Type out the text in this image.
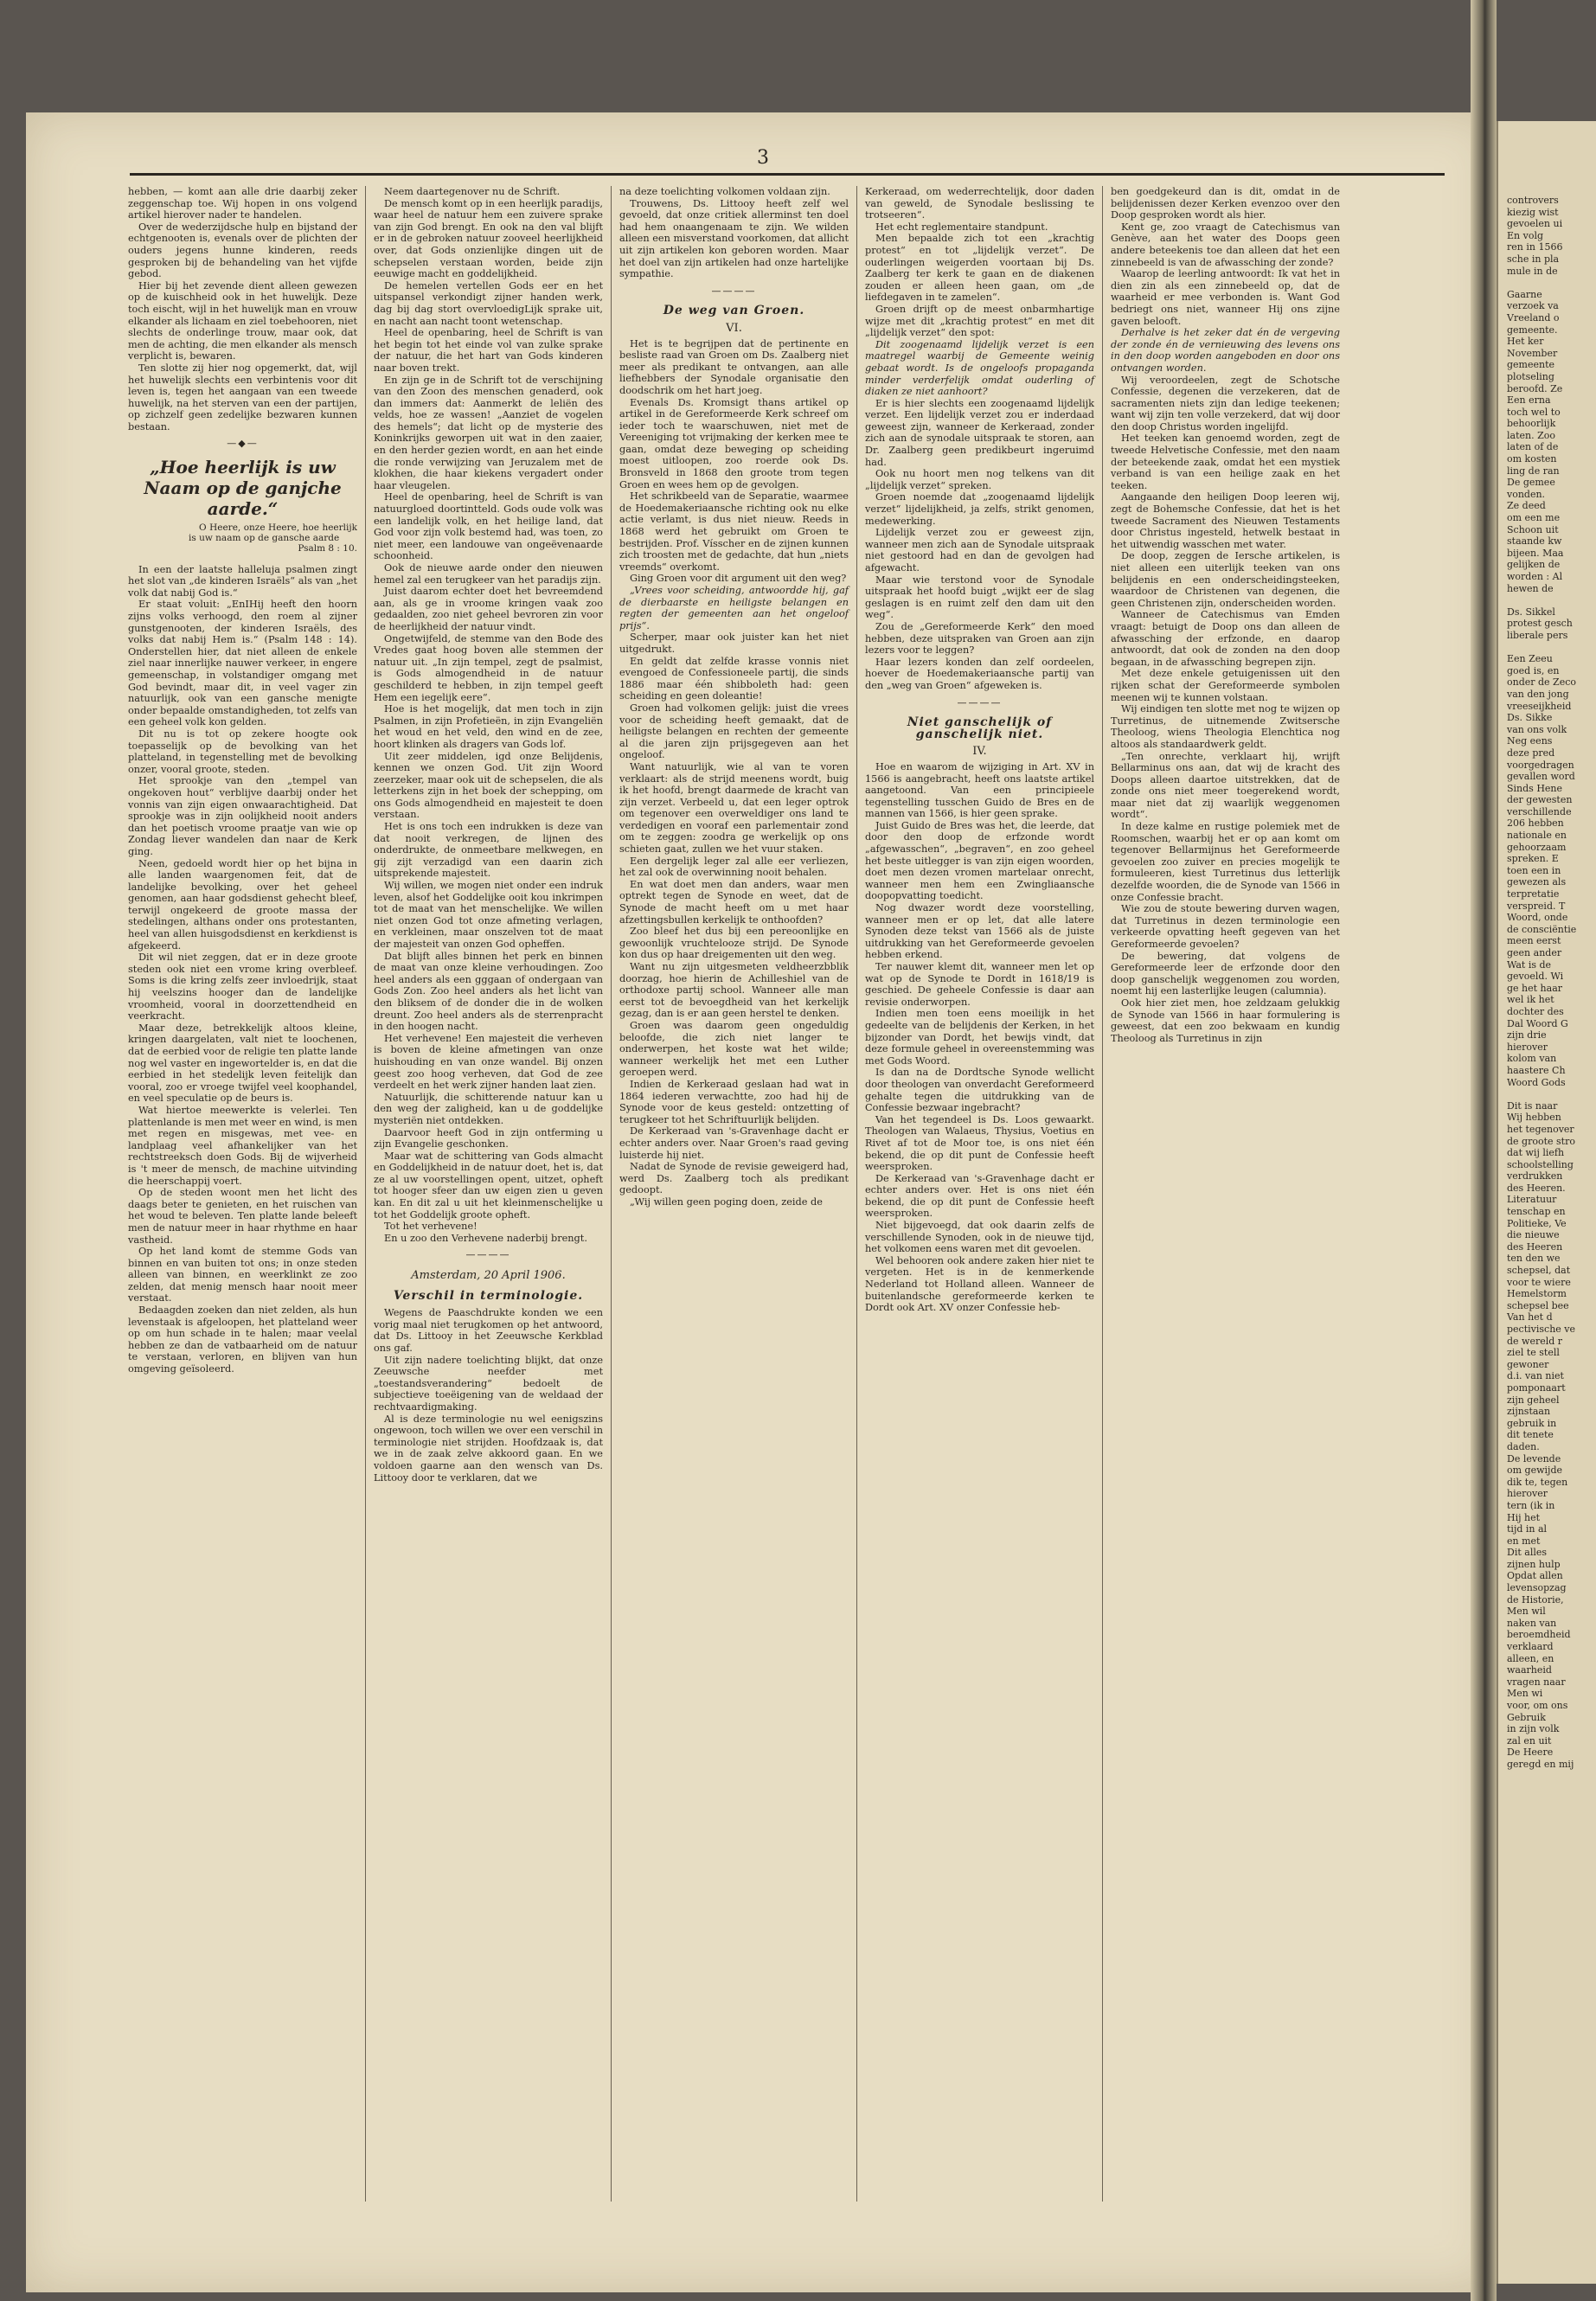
3

hebben, — komt aan alle drie daarbij zeker zeggenschap toe. Wij hopen in ons volgend artikel hierover nader te handelen.

Over de wederzijdsche hulp en bijstand der echtgenooten is, evenals over de plichten der ouders jegens hunne kinderen, reeds gesproken bij de behandeling van het vijfde gebod.

Hier bij het zevende dient alleen gewezen op de kuischheid ook in het huwelijk. Deze toch eischt, wijl in het huwelijk man en vrouw elkander als lichaam en ziel toebehooren, niet slechts de onderlinge trouw, maar ook, dat men de achting, die men elkander als mensch verplicht is, bewaren.

Ten slotte zij hier nog opgemerkt, dat, wijl het huwelijk slechts een verbintenis voor dit leven is, tegen het aangaan van een tweede huwelijk, na het sterven van een der partijen, op zichzelf geen zedelijke bezwaren kunnen bestaan.

—◆—
„Hoe heerlijk is uw Naam op de ganjche aarde.“

O Heere, onze Heere, hoe heerlijk is uw naam op de gansche aarde

Psalm 8 : 10.

In een der laatste halleluja psalmen zingt het slot van „de kinderen Israëls“ als van „het volk dat nabij God is.“

Er staat voluit: „EnIHij heeft den hoorn zijns volks verhoogd, den roem al zijner gunstgenooten, der kinderen Israëls, des volks dat nabij Hem is.“ (Psalm 148 : 14). Onderstellen hier, dat niet alleen de enkele ziel naar innerlijke nauwer verkeer, in engere gemeenschap, in volstandiger omgang met God bevindt, maar dit, in veel vager zin natuurlijk, ook van een gansche menigte onder bepaalde omstandigheden, tot zelfs van een geheel volk kon gelden.

Dit nu is tot op zekere hoogte ook toepasselijk op de bevolking van het platteland, in tegenstelling met de bevolking onzer, vooral groote, steden.

Het sprookje van den „tempel van ongekoven hout“ verblijve daarbij onder het vonnis van zijn eigen onwaarachtigheid. Dat sprookje was in zijn oolijkheid nooit anders dan het poetisch vroome praatje van wie op Zondag liever wandelen dan naar de Kerk ging.

Neen, gedoeld wordt hier op het bijna in alle landen waargenomen feit, dat de landelijke bevolking, over het geheel genomen, aan haar godsdienst gehecht bleef, terwijl ongekeerd de groote massa der stedelingen, althans onder ons protestanten, heel van allen huisgodsdienst en kerkdienst is afgekeerd.

Dit wil niet zeggen, dat er in deze groote steden ook niet een vrome kring overbleef. Soms is die kring zelfs zeer invloedrijk, staat hij veelszins hooger dan de landelijke vroomheid, vooral in doorzettendheid en veerkracht.

Maar deze, betrekkelijk altoos kleine, kringen daargelaten, valt niet te loochenen, dat de eerbied voor de religie ten platte lande nog wel vaster en ingewortelder is, en dat die eerbied in het stedelijk leven feitelijk dan vooral, zoo er vroege twijfel veel koophandel, en veel speculatie op de beurs is.

Wat hiertoe meewerkte is velerlei. Ten plattenlande is men met weer en wind, is men met regen en misgewas, met vee- en landplaag veel afhankelijker van het rechtstreeksch doen Gods. Bij de wijverheid is 't meer de mensch, de machine uitvinding die heerschappij voert.

Op de steden woont men het licht des daags beter te genieten, en het ruischen van het woud te beleven. Ten platte lande beleeft men de natuur meer in haar rhythme en haar vastheid.

Op het land komt de stemme Gods van binnen en van buiten tot ons; in onze steden alleen van binnen, en weerklinkt ze zoo zelden, dat menig mensch haar nooit meer verstaat.

Bedaagden zoeken dan niet zelden, als hun levenstaak is afgeloopen, het platteland weer op om hun schade in te halen; maar veelal hebben ze dan de vatbaarheid om de natuur te verstaan, verloren, en blijven van hun omgeving geïsoleerd.

Neem daartegenover nu de Schrift.

De mensch komt op in een heerlijk paradijs, waar heel de natuur hem een zuivere sprake van zijn God brengt. En ook na den val blijft er in de gebroken natuur zooveel heerlijkheid over, dat Gods onzienlijke dingen uit de schepselen verstaan worden, beide zijn eeuwige macht en goddelijkheid.

De hemelen vertellen Gods eer en het uitspansel verkondigt zijner handen werk, dag bij dag stort overvloedigLijk sprake uit, en nacht aan nacht toont wetenschap.

Heel de openbaring, heel de Schrift is van het begin tot het einde vol van zulke sprake der natuur, die het hart van Gods kinderen naar boven trekt.

En zijn ge in de Schrift tot de verschijning van den Zoon des menschen genaderd, ook dan immers dat: Aanmerkt de leliën des velds, hoe ze wassen! „Aanziet de vogelen des hemels“; dat licht op de mysterie des Koninkrijks geworpen uit wat in den zaaier, en den herder gezien wordt, en aan het einde die ronde verwijzing van Jeruzalem met de klokhen, die haar kiekens vergadert onder haar vleugelen.

Heel de openbaring, heel de Schrift is van natuurgloed doortintteld. Gods oude volk was een landelijk volk, en het heilige land, dat God voor zijn volk bestemd had, was toen, zo niet meer, een landouwe van ongeëvenaarde schoonheid.

Ook de nieuwe aarde onder den nieuwen hemel zal een terugkeer van het paradijs zijn.

Juist daarom echter doet het bevreemdend aan, als ge in vroome kringen vaak zoo gedaalden, zoo niet geheel bevroren zin voor de heerlijkheid der natuur vindt.

Ongetwijfeld, de stemme van den Bode des Vredes gaat hoog boven alle stemmen der natuur uit. „In zijn tempel, zegt de psalmist, is Gods almogendheid in de natuur geschilderd te hebben, in zijn tempel geeft Hem een iegelijk eere“.

Hoe is het mogelijk, dat men toch in zijn Psalmen, in zijn Profetieën, in zijn Evangeliën het woud en het veld, den wind en de zee, hoort klinken als dragers van Gods lof.

Uit zeer middelen, igd onze Belijdenis, kennen we onzen God. Uit zijn Woord zeerzeker, maar ook uit de schepselen, die als letterkens zijn in het boek der schepping, om ons Gods almogendheid en majesteit te doen verstaan.

Het is ons toch een indrukken is deze van dat nooit verkregen, de lijnen des onderdrukte, de onmeetbare melkwegen, en gij zijt verzadigd van een daarin zich uitsprekende majesteit.

Wij willen, we mogen niet onder een indruk leven, alsof het Goddelijke ooit kou inkrimpen tot de maat van het menschelijke. We willen niet onzen God tot onze afmeting verlagen, en verkleinen, maar onszelven tot de maat der majesteit van onzen God opheffen.

Dat blijft alles binnen het perk en binnen de maat van onze kleine verhoudingen. Zoo heel anders als een gggaan of ondergaan van Gods Zon. Zoo heel anders als het licht van den bliksem of de donder die in de wolken dreunt. Zoo heel anders als de sterrenpracht in den hoogen nacht.

Het verhevene! Een majesteit die verheven is boven de kleine afmetingen van onze huishouding en van onze wandel. Bij onzen geest zoo hoog verheven, dat God de zee verdeelt en het werk zijner handen laat zien.

Natuurlijk, die schitterende natuur kan u den weg der zaligheid, kan u de goddelijke mysteriën niet ontdekken.

Daarvoor heeft God in zijn ontferming u zijn Evangelie geschonken.

Maar wat de schittering van Gods almacht en Goddelijkheid in de natuur doet, het is, dat ze al uw voorstellingen opent, uitzet, opheft tot hooger sfeer dan uw eigen zien u geven kan. En dit zal u uit het kleinmenschelijke u tot het Goddelijk groote opheft.

Tot het verhevene!

En u zoo den Verhevene naderbij brengt.

————
Amsterdam, 20 April 1906.
Verschil in terminologie.

Wegens de Paaschdrukte konden we een vorig maal niet terugkomen op het antwoord, dat Ds. Littooy in het Zeeuwsche Kerkblad ons gaf.

Uit zijn nadere toelichting blijkt, dat onze Zeeuwsche neefder met „toestandsverandering“ bedoelt de subjectieve toeëigening van de weldaad der rechtvaardigmaking.

Al is deze terminologie nu wel eenigszins ongewoon, toch willen we over een verschil in terminologie niet strijden. Hoofdzaak is, dat we in de zaak zelve akkoord gaan. En we voldoen gaarne aan den wensch van Ds. Littooy door te verklaren, dat we

na deze toelichting volkomen voldaan zijn.

Trouwens, Ds. Littooy heeft zelf wel gevoeld, dat onze critiek allerminst ten doel had hem onaangenaam te zijn. We wilden alleen een misverstand voorkomen, dat allicht uit zijn artikelen kon geboren worden. Maar het doel van zijn artikelen had onze hartelijke sympathie.

————
De weg van Groen.
VI.

Het is te begrijpen dat de pertinente en besliste raad van Groen om Ds. Zaalberg niet meer als predikant te ontvangen, aan alle liefhebbers der Synodale organisatie den doodschrik om het hart joeg.

Evenals Ds. Kromsigt thans artikel op artikel in de Gereformeerde Kerk schreef om ieder toch te waarschuwen, niet met de Vereeniging tot vrijmaking der kerken mee te gaan, omdat deze beweging op scheiding moest uitloopen, zoo roerde ook Ds. Bronsveld in 1868 den groote trom tegen Groen en wees hem op de gevolgen.

Het schrikbeeld van de Separatie, waarmee de Hoedemakeriaansche richting ook nu elke actie verlamt, is dus niet nieuw. Reeds in 1868 werd het gebruikt om Groen te bestrijden. Prof. Vísscher en de zijnen kunnen zich troosten met de gedachte, dat hun „niets vreemds“ overkomt.

Ging Groen voor dit argument uit den weg?

„Vrees voor scheiding, antwoordde hij, gaf de dierbaarste en heiligste belangen en regten der gemeenten aan het ongeloof prijs“.

Scherper, maar ook juister kan het niet uitgedrukt.

En geldt dat zelfde krasse vonnis niet evengoed de Confessioneele partij, die sinds 1886 maar één shibboleth had: geen scheiding en geen doleantie!

Groen had volkomen gelijk: juist die vrees voor de scheiding heeft gemaakt, dat de heiligste belangen en rechten der gemeente al die jaren zijn prijsgegeven aan het ongeloof.

Want natuurlijk, wie al van te voren verklaart: als de strijd meenens wordt, buig ik het hoofd, brengt daarmede de kracht van zijn verzet. Verbeeld u, dat een leger optrok om tegenover een overweldiger ons land te verdedigen en vooraf een parlementair zond om te zeggen: zoodra ge werkelijk op ons schieten gaat, zullen we het vuur staken.

Een dergelijk leger zal alle eer verliezen, het zal ook de overwinning nooit behalen.

En wat doet men dan anders, waar men optrekt tegen de Synode en weet, dat de Synode de macht heeft om u met haar afzettingsbullen kerkelijk te onthoofden?

Zoo bleef het dus bij een pereoonlijke en gewoonlijk vruchtelooze strijd. De Synode kon dus op haar dreigementen uit den weg.

Want nu zijn uitgesmeten veldheerzbblik doorzag, hoe hierin de Achilleshiel van de orthodoxe partij school. Wanneer alle man eerst tot de bevoegdheid van het kerkelijk gezag, dan is er aan geen herstel te denken.

Groen was daarom geen ongeduldig beloofde, die zich niet langer te onderwerpen, het koste wat het wilde; wanneer werkelijk het met een Luther geroepen werd.

Indien de Kerkeraad geslaan had wat in 1864 iederen verwachtte, zoo had hij de Synode voor de keus gesteld: ontzetting of terugkeer tot het Schriftuurlijk belijden.

De Kerkeraad van 's-Gravenhage dacht er echter anders over. Naar Groen's raad geving luisterde hij niet.

Nadat de Synode de revisie geweigerd had, werd Ds. Zaalberg toch als predikant gedoopt.

„Wij willen geen poging doen, zeide de

Kerkeraad, om wederrechtelijk, door daden van geweld, de Synodale beslissing te trotseeren“.

Het echt reglementaire standpunt.

Men bepaalde zich tot een „krachtig protest“ en tot „lijdelijk verzet“. De ouderlingen weigerden voortaan bij Ds. Zaalberg ter kerk te gaan en de diakenen zouden er alleen heen gaan, om „de liefdegaven in te zamelen“.

Groen drijft op de meest onbarmhartige wijze met dit „krachtig protest“ en met dit „lijdelijk verzet“ den spot:

Dit zoogenaamd lijdelijk verzet is een maatregel waarbij de Gemeente weinig gebaat wordt. Is de ongeloofs propaganda minder verderfelijk omdat ouderling of diaken ze niet aanhoort?

Er is hier slechts een zoogenaamd lijdelijk verzet. Een lijdelijk verzet zou er inderdaad geweest zijn, wanneer de Kerkeraad, zonder zich aan de synodale uitspraak te storen, aan Dr. Zaalberg geen predikbeurt ingeruimd had.

Ook nu hoort men nog telkens van dit „lijdelijk verzet“ spreken.

Groen noemde dat „zoogenaamd lijdelijk verzet“ lijdelijkheid, ja zelfs, strikt genomen, medewerking.

Lijdelijk verzet zou er geweest zijn, wanneer men zich aan de Synodale uitspraak niet gestoord had en dan de gevolgen had afgewacht.

Maar wie terstond voor de Synodale uitspraak het hoofd buigt „wijkt eer de slag geslagen is en ruimt zelf den dam uit den weg“.

Zou de „Gereformeerde Kerk“ den moed hebben, deze uitspraken van Groen aan zijn lezers voor te leggen?

Haar lezers konden dan zelf oordeelen, hoever de Hoedemakeriaansche partij van den „weg van Groen“ afgeweken is.

————
Niet ganschelijk of ganschelijk niet.
IV.

Hoe en waarom de wijziging in Art. XV in 1566 is aangebracht, heeft ons laatste artikel aangetoond. Van een principieele tegenstelling tusschen Guido de Bres en de mannen van 1566, is hier geen sprake.

Juist Guido de Bres was het, die leerde, dat door den doop de erfzonde wordt „afgewasschen“, „begraven“, en zoo geheel het beste uitlegger is van zijn eigen woorden, doet men dezen vromen martelaar onrecht, wanneer men hem een Zwingliaansche doopopvatting toedicht.

Nog dwazer wordt deze voorstelling, wanneer men er op let, dat alle latere Synoden deze tekst van 1566 als de juiste uitdrukking van het Gereformeerde gevoelen hebben erkend.

Ter nauwer klemt dit, wanneer men let op wat op de Synode te Dordt in 1618/19 is geschied. De geheele Confessie is daar aan revisie onderworpen.

Indien men toen eens moeilijk in het gedeelte van de belijdenis der Kerken, in het bijzonder van Dordt, het bewijs vindt, dat deze formule geheel in overeenstemming was met Gods Woord.

Is dan na de Dordtsche Synode wellicht door theologen van onverdacht Gereformeerd gehalte tegen die uitdrukking van de Confessie bezwaar ingebracht?

Van het tegendeel is Ds. Loos gewaarkt. Theologen van Walaeus, Thysius, Voetius en Rivet af tot de Moor toe, is ons niet één bekend, die op dit punt de Confessie heeft weersproken.

De Kerkeraad van 's-Gravenhage dacht er echter anders over. Het is ons niet één bekend, die op dit punt de Confessie heeft weersproken.

Niet bijgevoegd, dat ook daarin zelfs de verschillende Synoden, ook in de nieuwe tijd, het volkomen eens waren met dit gevoelen.

Wel behooren ook andere zaken hier niet te vergeten. Het is in de kenmerkende Nederland tot Holland alleen. Wanneer de buitenlandsche gereformeerde kerken te Dordt ook Art. XV onzer Confessie heb-

ben goedgekeurd dan is dit, omdat in de belijdenissen dezer Kerken evenzoo over den Doop gesproken wordt als hier.

Kent ge, zoo vraagt de Catechismus van Genève, aan het water des Doops geen andere beteekenis toe dan alleen dat het een zinnebeeld is van de afwassching der zonde?

Waarop de leerling antwoordt: Ik vat het in dien zin als een zinnebeeld op, dat de waarheid er mee verbonden is. Want God bedriegt ons niet, wanneer Hij ons zijne gaven belooft.

Derhalve is het zeker dat én de vergeving der zonde én de vernieuwing des levens ons in den doop worden aangeboden en door ons ontvangen worden.

Wij veroordeelen, zegt de Schotsche Confessie, degenen die verzekeren, dat de sacramenten niets zijn dan ledige teekenen; want wij zijn ten volle verzekerd, dat wij door den doop Christus worden ingelijfd.

Het teeken kan genoemd worden, zegt de tweede Helvetische Confessie, met den naam der beteekende zaak, omdat het een mystiek verband is van een heilige zaak en het teeken.

Aangaande den heiligen Doop leeren wij, zegt de Bohemsche Confessie, dat het is het tweede Sacrament des Nieuwen Testaments door Christus ingesteld, hetwelk bestaat in het uitwendig wasschen met water.

De doop, zeggen de Iersche artikelen, is niet alleen een uiterlijk teeken van ons belijdenis en een onderscheidingsteeken, waardoor de Christenen van degenen, die geen Christenen zijn, onderscheiden worden.

Wanneer de Catechismus van Emden vraagt: betuigt de Doop ons dan alleen de afwassching der erfzonde, en daarop antwoordt, dat ook de zonden na den doop begaan, in de afwassching begrepen zijn.

Met deze enkele getuigenissen uit den rijken schat der Gereformeerde symbolen meenen wij te kunnen volstaan.

Wij eindigen ten slotte met nog te wijzen op Turretinus, de uitnemende Zwitsersche Theoloog, wiens Theologia Elenchtica nog altoos als standaardwerk geldt.

„Ten onrechte, verklaart hij, wrijft Bellarminus ons aan, dat wij de kracht des Doops alleen daartoe uitstrekken, dat de zonde ons niet meer toegerekend wordt, maar niet dat zij waarlijk weggenomen wordt“.

In deze kalme en rustige polemiek met de Roomschen, waarbij het er op aan komt om tegenover Bellarmijnus het Gereformeerde gevoelen zoo zuiver en precies mogelijk te formuleeren, kiest Turretinus dus letterlijk dezelfde woorden, die de Synode van 1566 in onze Confessie bracht.

Wie zou de stoute bewering durven wagen, dat Turretinus in dezen terminologie een verkeerde opvatting heeft gegeven van het Gereformeerde gevoelen?

De bewering, dat volgens de Gereformeerde leer de erfzonde door den doop ganschelijk weggenomen zou worden, noemt hij een lasterlijke leugen (calumnia).

Ook hier ziet men, hoe zeldzaam gelukkig de Synode van 1566 in haar formulering is geweest, dat een zoo bekwaam en kundig Theoloog als Turretinus in zijn

controvers
kiezig wist
gevoelen ui
En volg
ren in 1566
sche in pla
mule in de

Gaarne
verzoek va
Vreeland o
gemeente.
Het ker
November
gemeente
plotseling
beroofd. Ze
Een erna
toch wel to
behoorlijk
laten. Zoo
laten of de
om kosten
ling de ran
De gemee
vonden.
Ze deed
om een me
Schoon uit
staande kw
bijeen. Maa
gelijken de
worden : Al
hewen de

Ds. Sikkel
protest gesch
liberale pers

Een Zeeu
goed is, en
onder de Zeco
van den jong
vreeseijkheid
Ds. Sikke
van ons volk
Neg eens
deze pred
voorgedragen
gevallen word
Sinds Hene
der gewesten
verschillende
206 hebben
nationale en
gehoorzaam
spreken. E
toen een in
gewezen als
terpretatie
verspreid. T
Woord, onde
de consciëntie
meen eerst
geen ander
Wat is de
gevoeld. Wi
ge het haar
wel ik het
dochter des
Dal Woord G
zijn drie
hierover
kolom van
haastere Ch
Woord Gods

Dit is naar
Wij hebben
het tegenover
de groote stro
dat wij liefh
schoolstelling
verdrukken
des Heeren.
Literatuur
tenschap en
Politieke, Ve
die nieuwe
des Heeren
ten den we
schepsel, dat
voor te wiere
Hemelstorm
schepsel bee
Van het d
pectivische ve
de wereld r
ziel te stell
gewoner
d.i. van niet
pomponaart
zijn geheel
zijnstaan
gebruik in
dit tenete
daden.
De levende
om gewijde
dik te, tegen
hierover
tern (ik in
Hij het
tijd in al
en met
Dit alles
zijnen hulp
Opdat allen
levensopzag
de Historie,
Men wil
naken van
beroemdheid
verklaard
alleen, en
waarheid
vragen naar
Men wi
voor, om ons
Gebruik
in zijn volk
zal en uit
De Heere
geregd en mij
